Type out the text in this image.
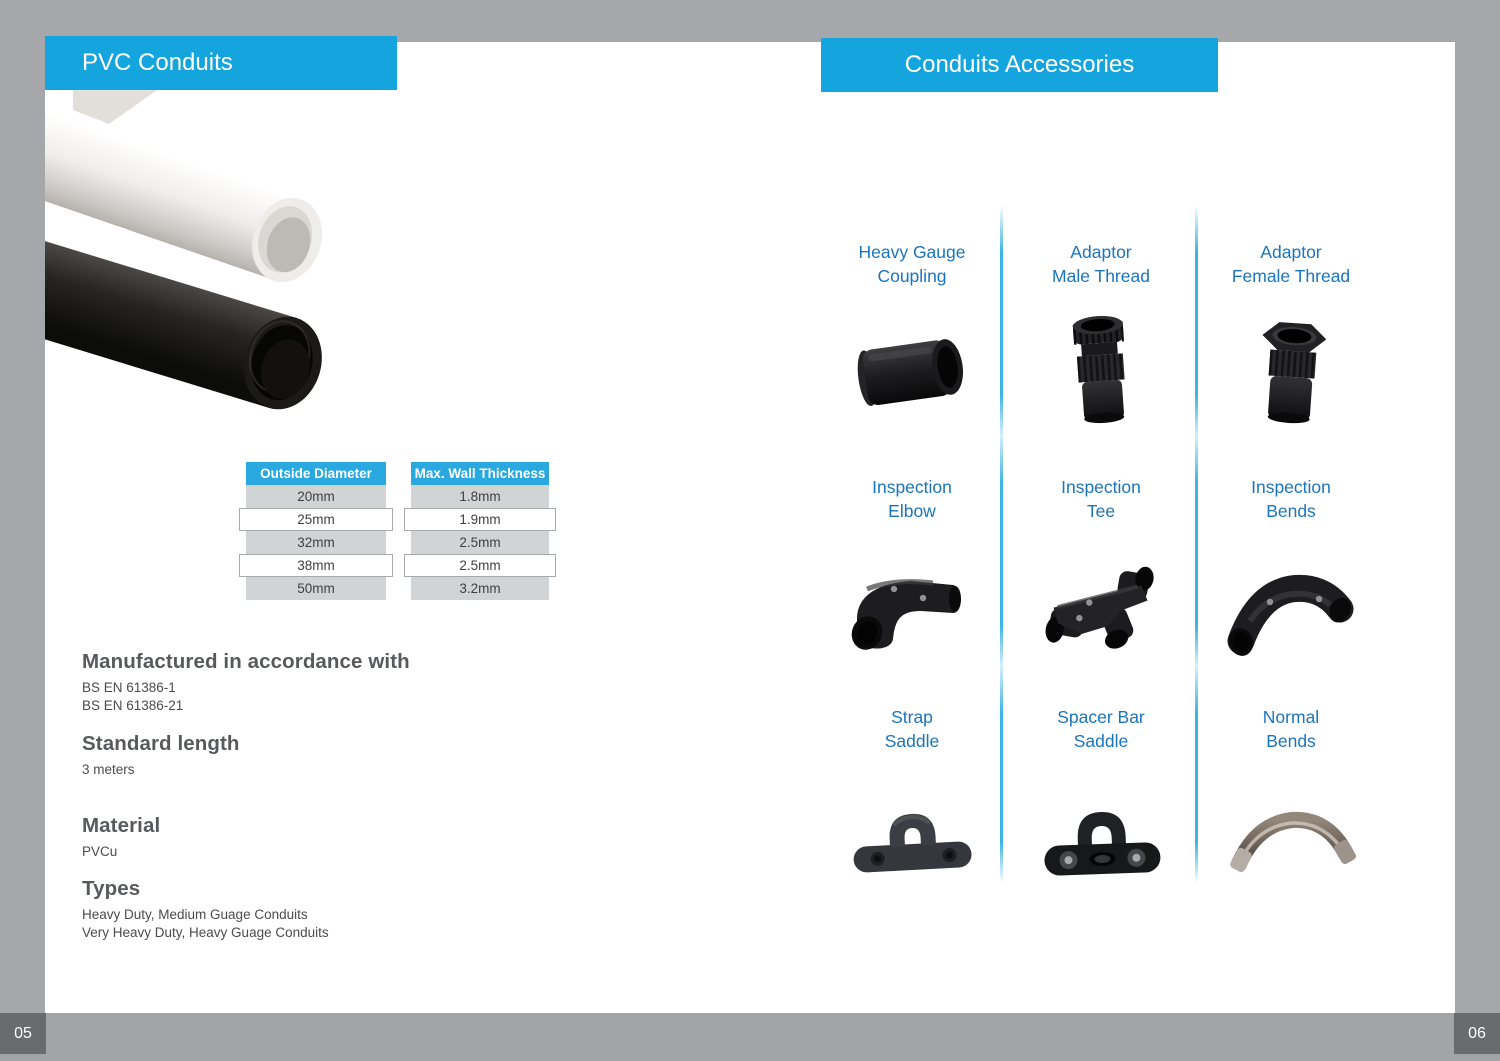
PVC Conduits	Conduits Accessories
Outside Diameter
20mm
25mm
32mm
38mm
50mm
Max. Wall Thickness
1.8mm
1.9mm
2.5mm
2.5mm
3.2mm
Manufactured in accordance with
BS EN 61386-1
BS EN 61386-21
Standard length
3 meters
Material
PVCu
Types
Heavy Duty, Medium Guage Conduits
Very Heavy Duty, Heavy Guage Conduits
Heavy Gauge
Coupling
Adaptor
Male Thread
Adaptor
Female Thread
Inspection
Elbow
Inspection
Tee
Inspection
Bends
Strap
Saddle
Spacer Bar
Saddle
Normal
Bends
05	06
